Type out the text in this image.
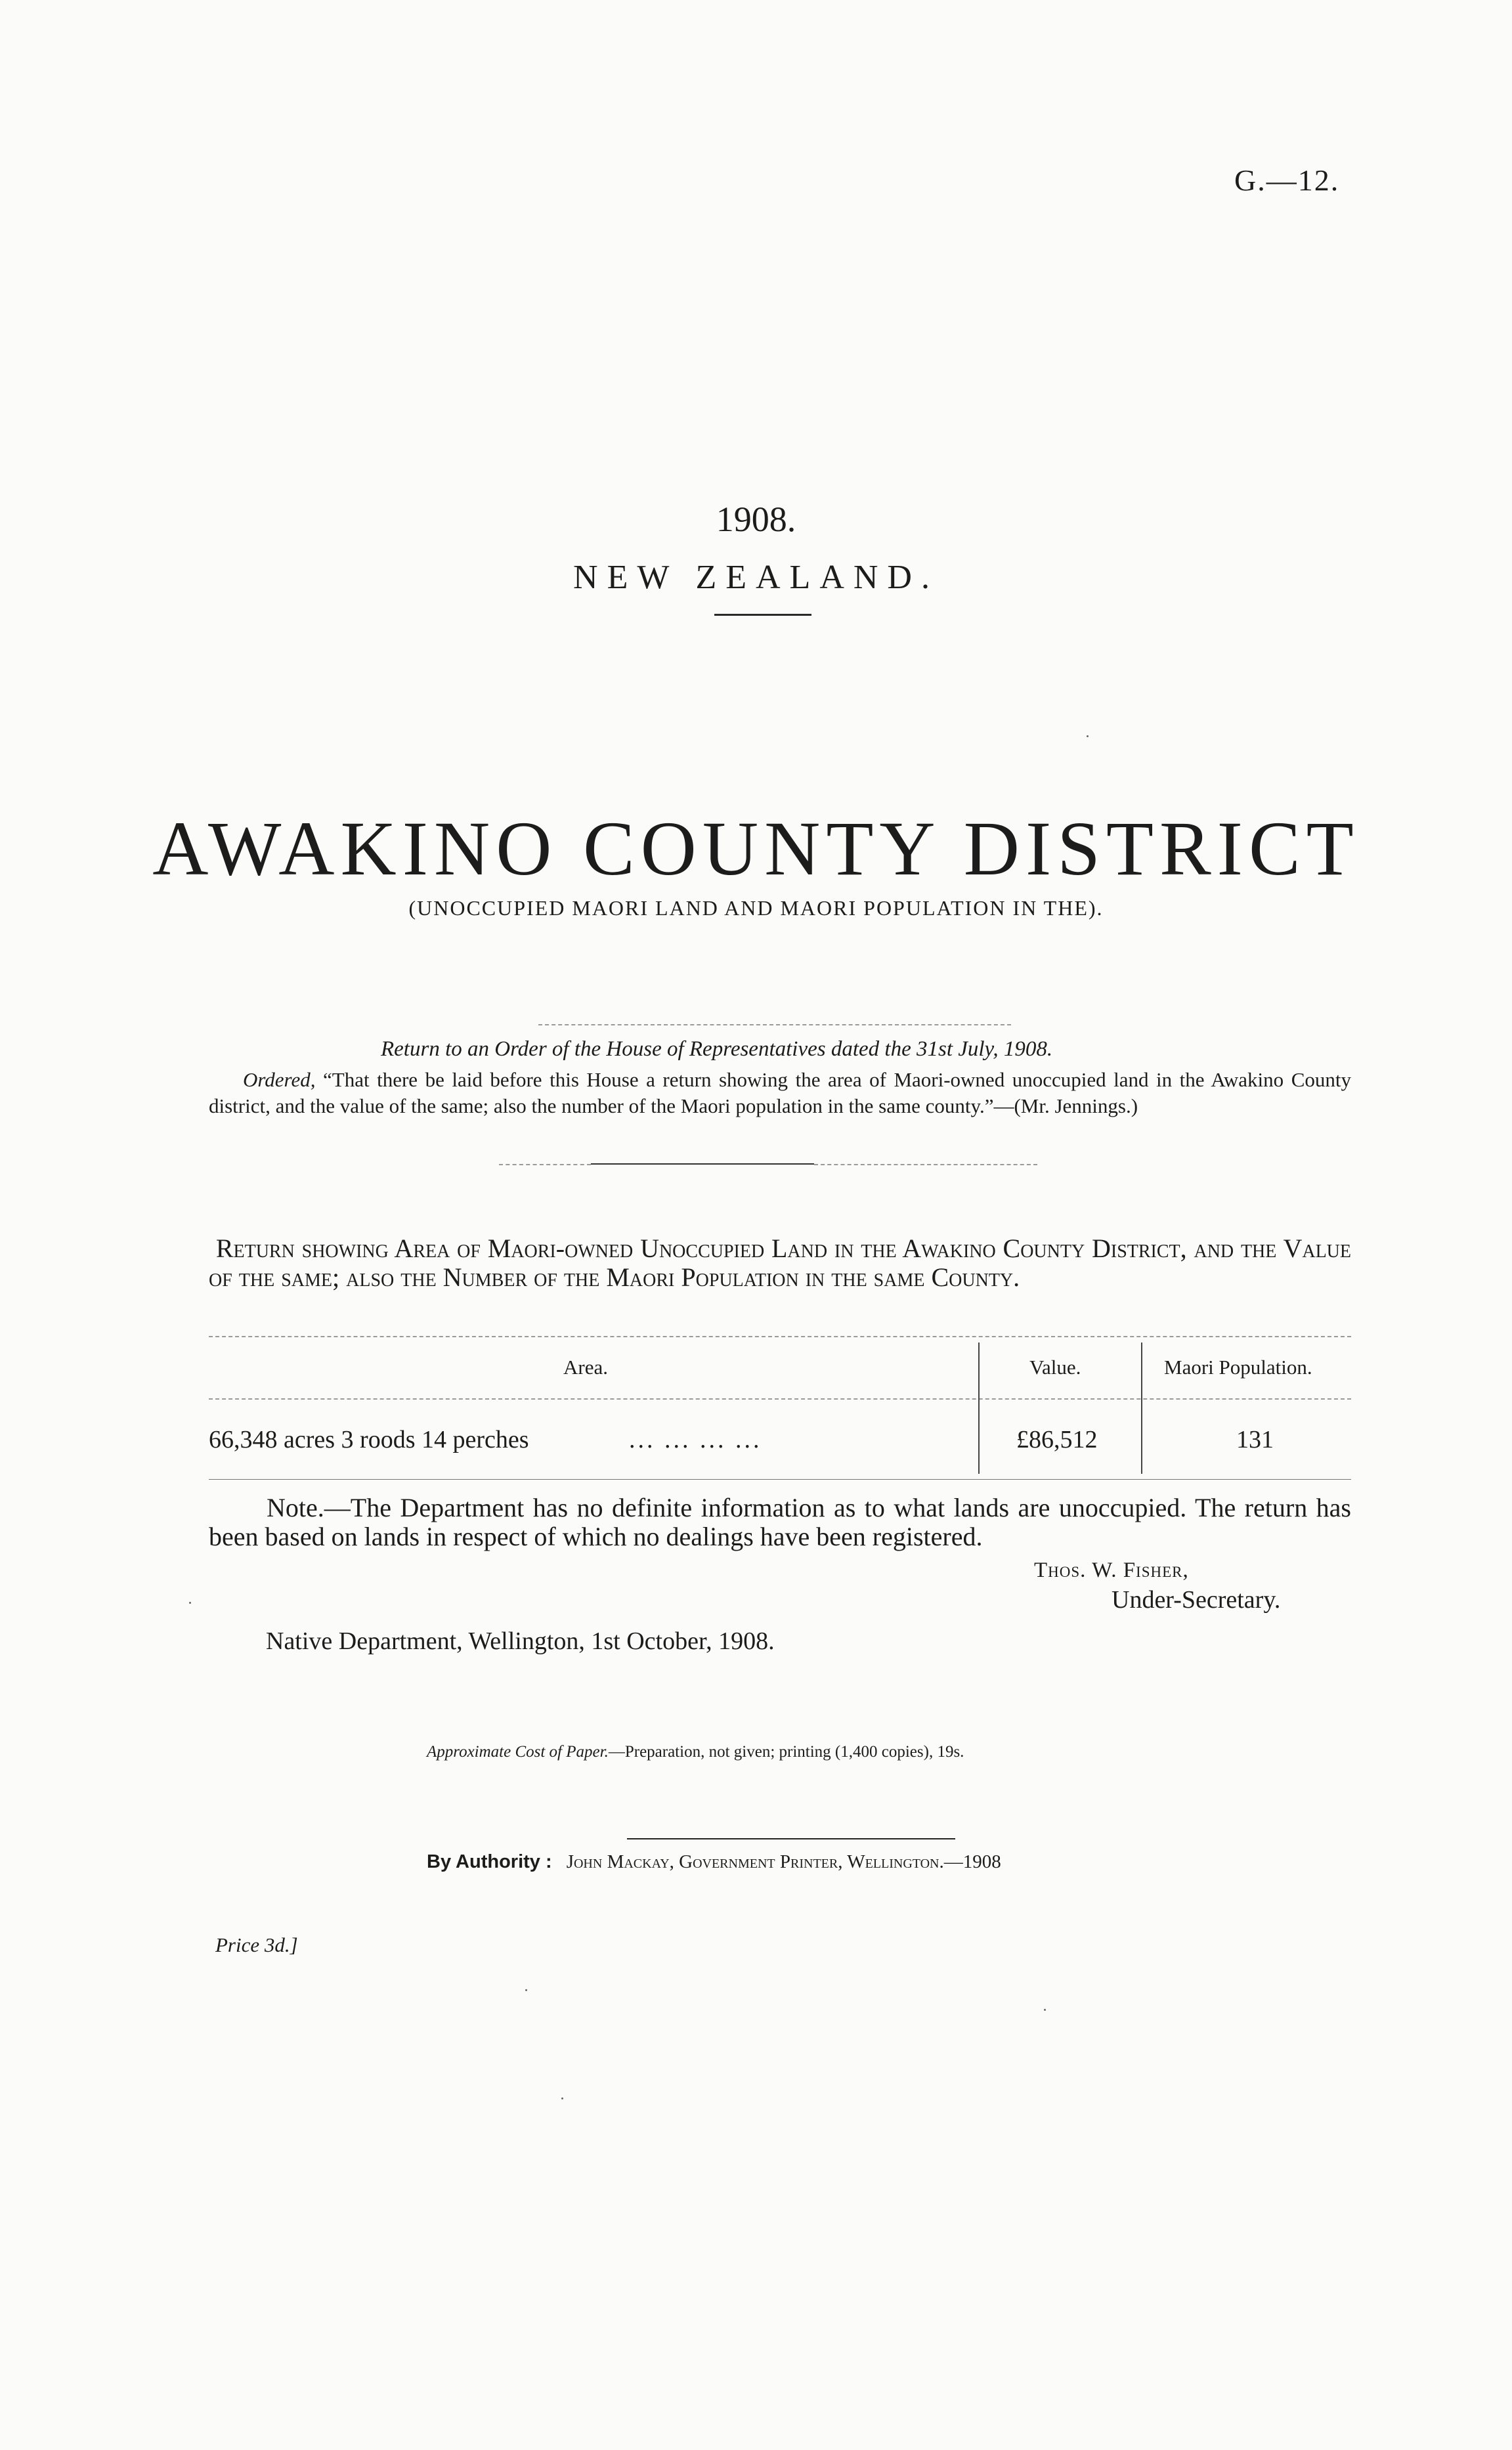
G.—12.
1908.
NEW ZEALAND.
AWAKINO COUNTY DISTRICT
(UNOCCUPIED MAORI LAND AND MAORI POPULATION IN THE).
Return to an Order of the House of Representatives dated the 31st July, 1908.
Ordered, “That there be laid before this House a return showing the area of Maori-owned unoccupied land in the Awakino County district, and the value of the same; also the number of the Maori population in the same county.”—(Mr. Jennings.)
Return showing Area of Maori-owned Unoccupied Land in the Awakino County District, and the Value of the same; also the Number of the Maori Population in the same County.
Area.	Value.	Maori Population.
66,348 acres 3 roods 14 perches	... ... ... ...	£86,512	131
Note.—The Department has no definite information as to what lands are unoccupied. The return has been based on lands in respect of which no dealings have been registered.
Thos. W. Fisher,
Under-Secretary.
Native Department, Wellington, 1st October, 1908.
Approximate Cost of Paper.—Preparation, not given; printing (1,400 copies), 19s.
By Authority : John Mackay, Government Printer, Wellington.—1908
Price 3d.]
